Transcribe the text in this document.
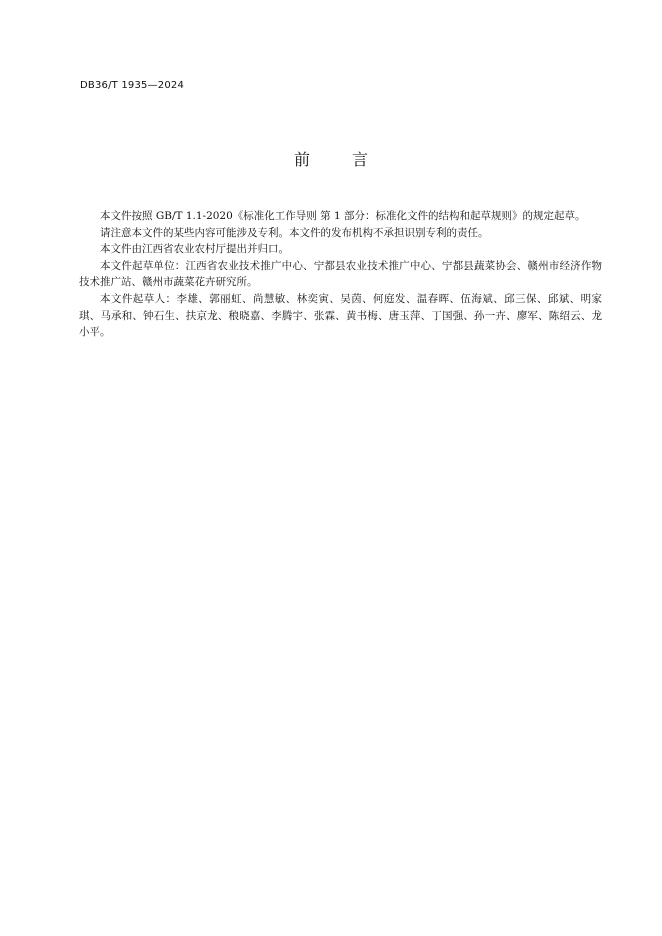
DB36/T 1935—2024
前	言

本文件按照 GB/T 1.1-2020《标准化工作导则 第 1 部分：标准化文件的结构和起草规则》的规定起草。

请注意本文件的某些内容可能涉及专利。本文件的发布机构不承担识别专利的责任。

本文件由江西省农业农村厅提出并归口。

本文件起草单位：江西省农业技术推广中心、宁都县农业技术推广中心、宁都县蔬菜协会、赣州市经济作物技术推广站、赣州市蔬菜花卉研究所。

本文件起草人：李雄、郭丽虹、尚慧敏、林奕寅、吴茵、何庭发、温春晖、伍海斌、邱三保、邱斌、明家琪、马承和、钟石生、扶京龙、稂晓嘉、李腾宇、张霖、黄书梅、唐玉萍、丁国强、孙一卉、廖军、陈绍云、龙小平。
